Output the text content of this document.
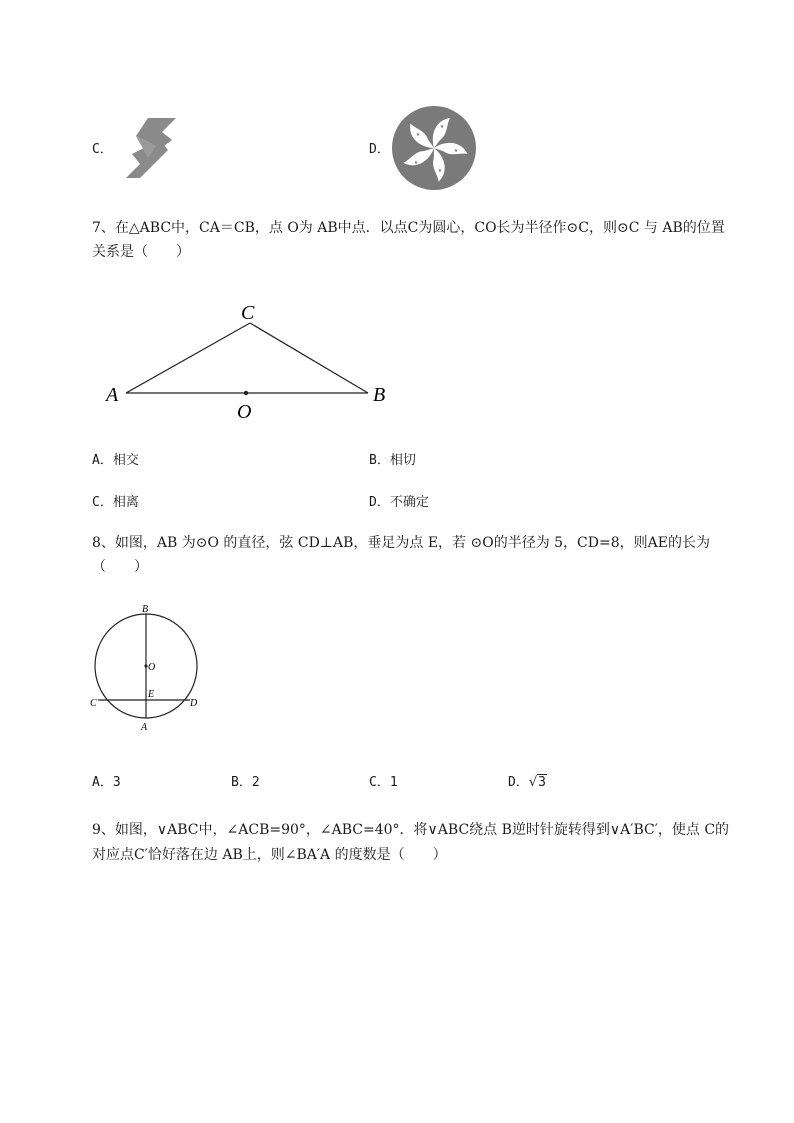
C．	D．
★
★
★
★
★
7、在△ABC中，CA＝CB，点 O为 AB中点．以点C为圆心，CO长为半径作⊙C，则⊙C 与 AB的位置
关系是（　　）
C
A	B
O
A．相交	B．相切
C．相离	D．不确定
8、如图，AB 为⊙O 的直径，弦 CD⊥AB，垂足为点 E，若 ⊙O的半径为 5，CD=8，则AE的长为
（　　）
B
O
E
C	D
A
A．3	B．2	C．1	D．√3
9、如图，∨ABC中，∠ACB=90°，∠ABC=40°．将∨ABC绕点 B逆时针旋转得到∨A′BC′，使点 C的
对应点C′恰好落在边 AB上，则∠BA′A 的度数是（　　）
